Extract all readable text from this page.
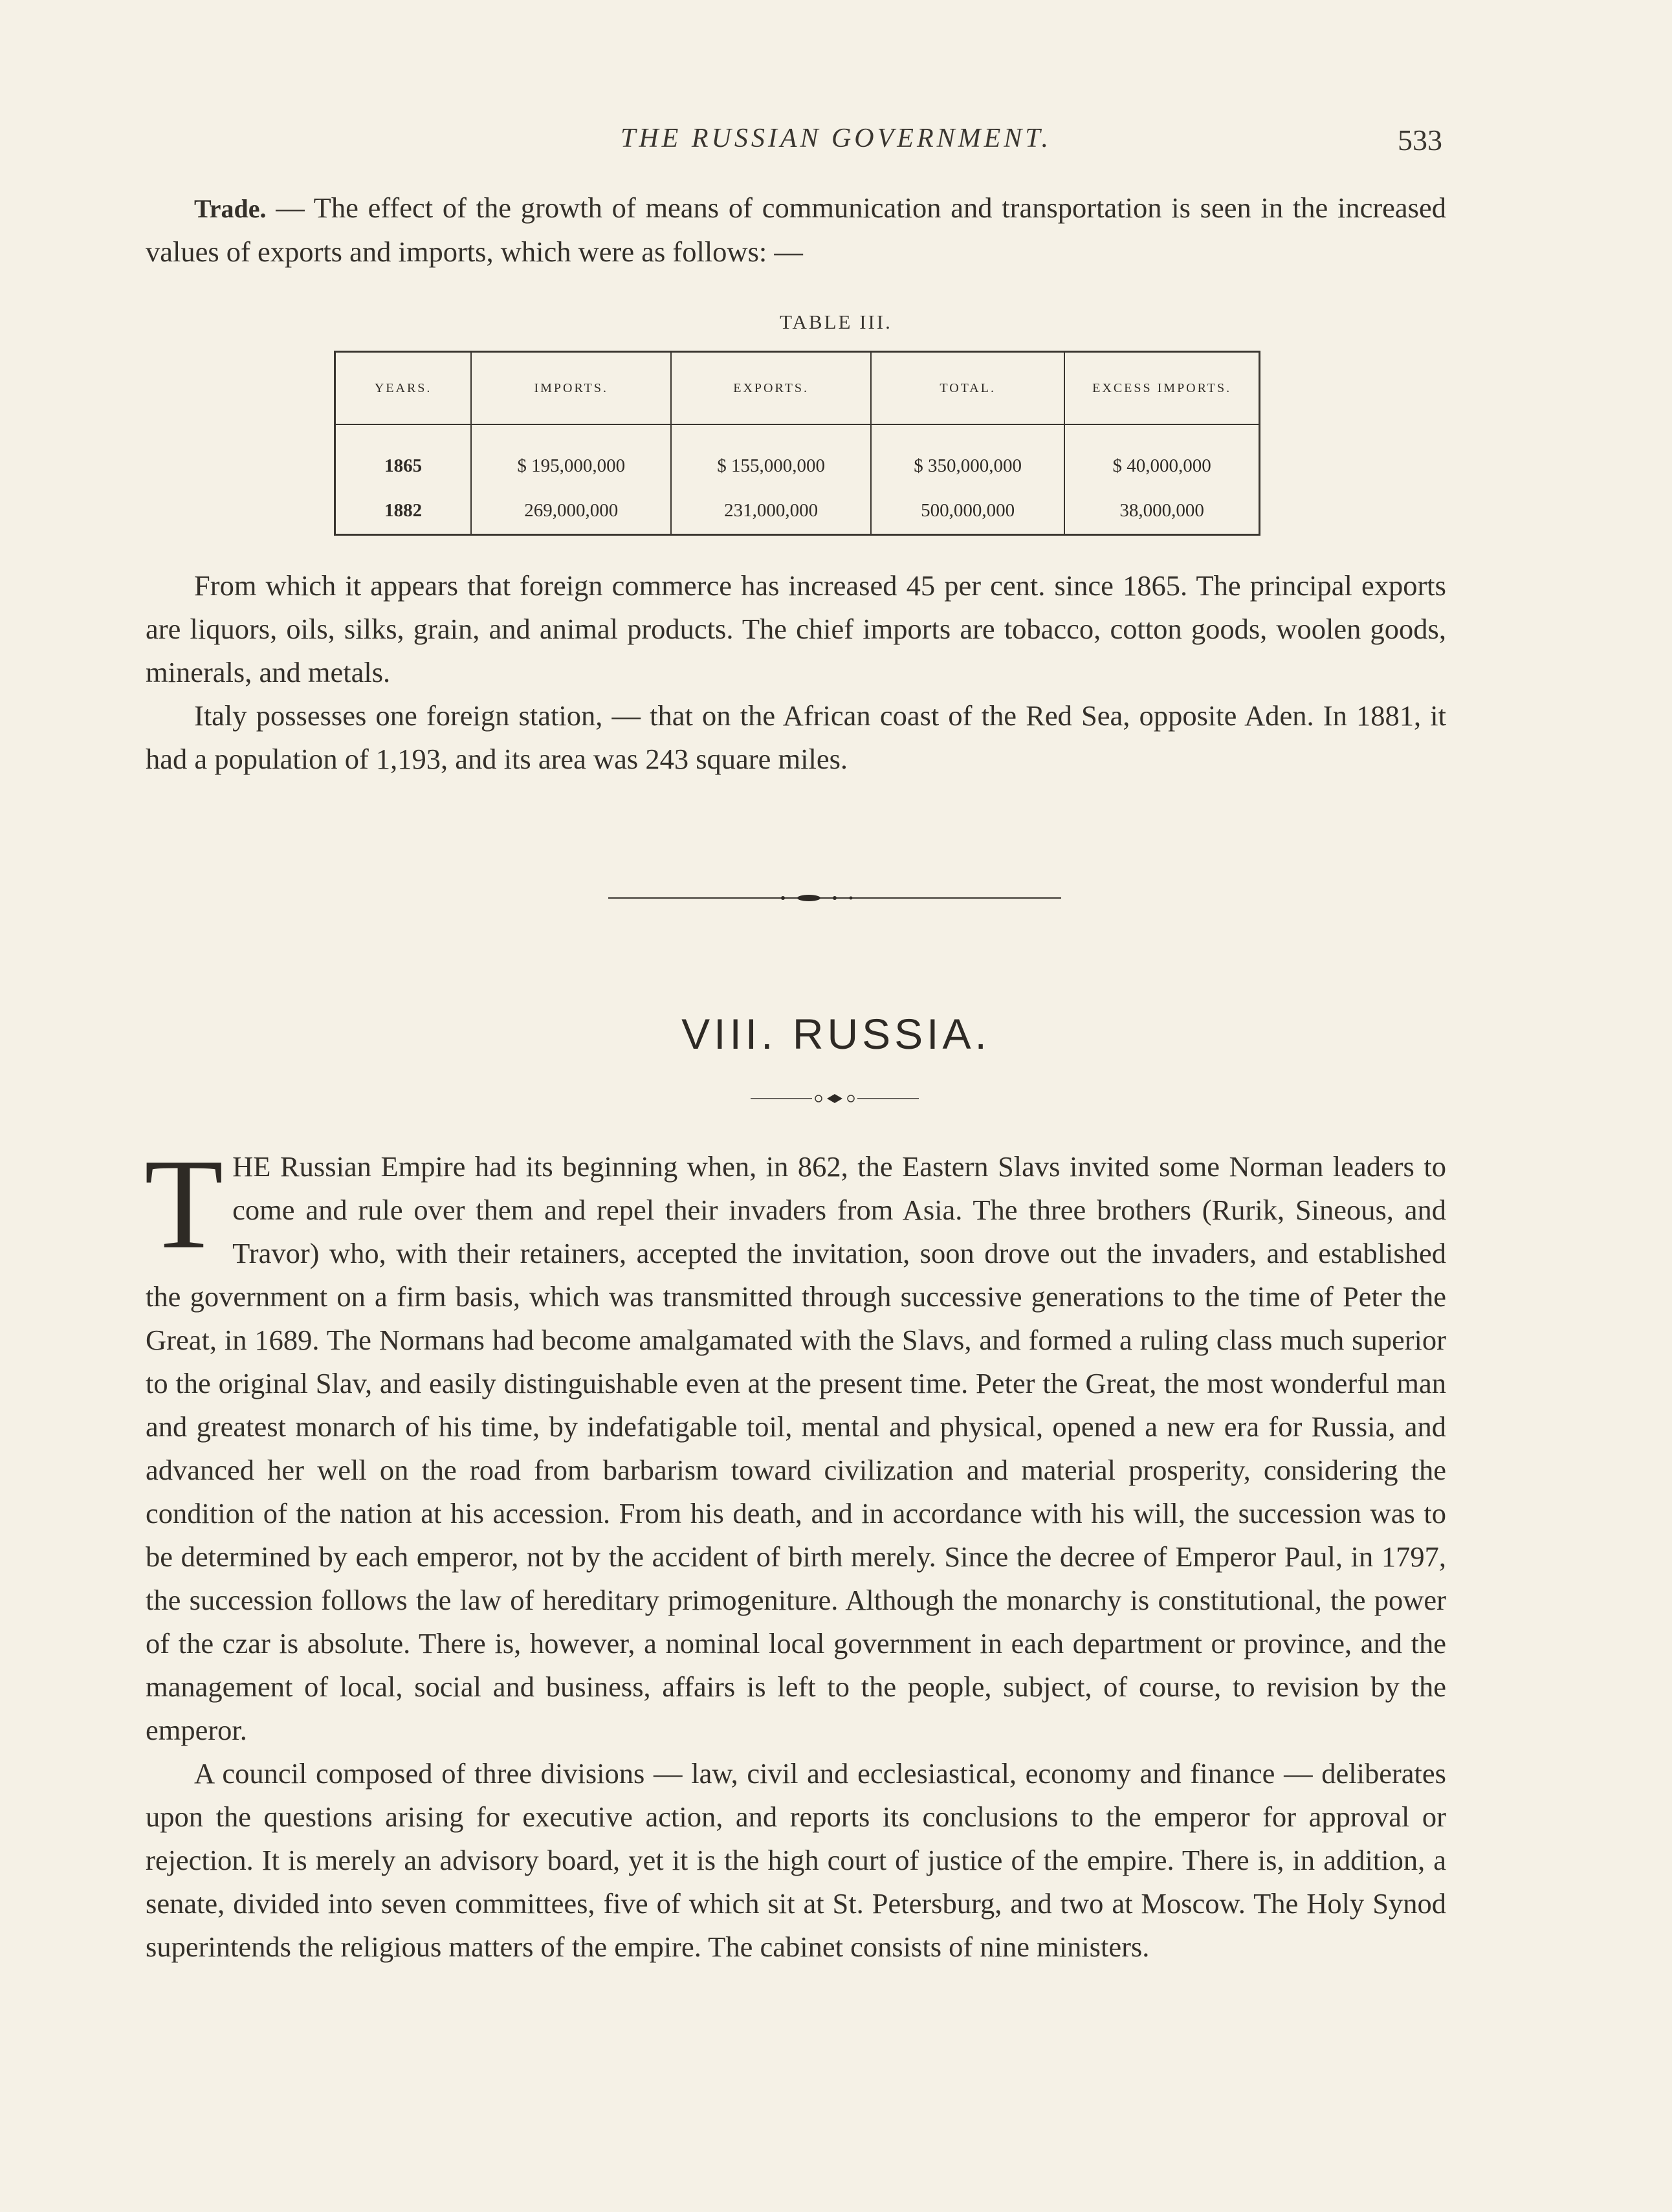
THE RUSSIAN GOVERNMENT.	533

Trade. — The effect of the growth of means of communication and transportation is seen in the increased values of exports and imports, which were as follows: —

TABLE III.
YEARS.	IMPORTS.	EXPORTS.	TOTAL.	EXCESS IMPORTS.
1865	$ 195,000,000	$ 155,000,000	$ 350,000,000	$ 40,000,000
1882	269,000,000	231,000,000	500,000,000	38,000,000

From which it appears that foreign commerce has increased 45 per cent. since 1865. The principal exports are liquors, oils, silks, grain, and animal products. The chief imports are tobacco, cotton goods, woolen goods, minerals, and metals.

Italy possesses one foreign station, — that on the African coast of the Red Sea, opposite Aden. In 1881, it had a population of 1,193, and its area was 243 square miles.

VIII. RUSSIA.

THE Russian Empire had its beginning when, in 862, the Eastern Slavs invited some Norman leaders to come and rule over them and repel their invaders from Asia. The three brothers (Rurik, Sineous, and Travor) who, with their retainers, accepted the invitation, soon drove out the invaders, and established the government on a firm basis, which was transmitted through successive generations to the time of Peter the Great, in 1689. The Normans had become amalgamated with the Slavs, and formed a ruling class much superior to the original Slav, and easily distinguishable even at the present time. Peter the Great, the most wonderful man and greatest monarch of his time, by indefatigable toil, mental and physical, opened a new era for Russia, and advanced her well on the road from barbarism toward civilization and material prosperity, considering the condition of the nation at his accession. From his death, and in accordance with his will, the succession was to be determined by each emperor, not by the accident of birth merely. Since the decree of Emperor Paul, in 1797, the succession follows the law of hereditary primogeniture. Although the monarchy is constitutional, the power of the czar is absolute. There is, however, a nominal local government in each department or province, and the management of local, social and business, affairs is left to the people, subject, of course, to revision by the emperor.

A council composed of three divisions — law, civil and ecclesiastical, economy and finance — deliberates upon the questions arising for executive action, and reports its conclusions to the emperor for approval or rejection. It is merely an advisory board, yet it is the high court of justice of the empire. There is, in addition, a senate, divided into seven committees, five of which sit at St. Petersburg, and two at Moscow. The Holy Synod superintends the religious matters of the empire. The cabinet consists of nine ministers.
